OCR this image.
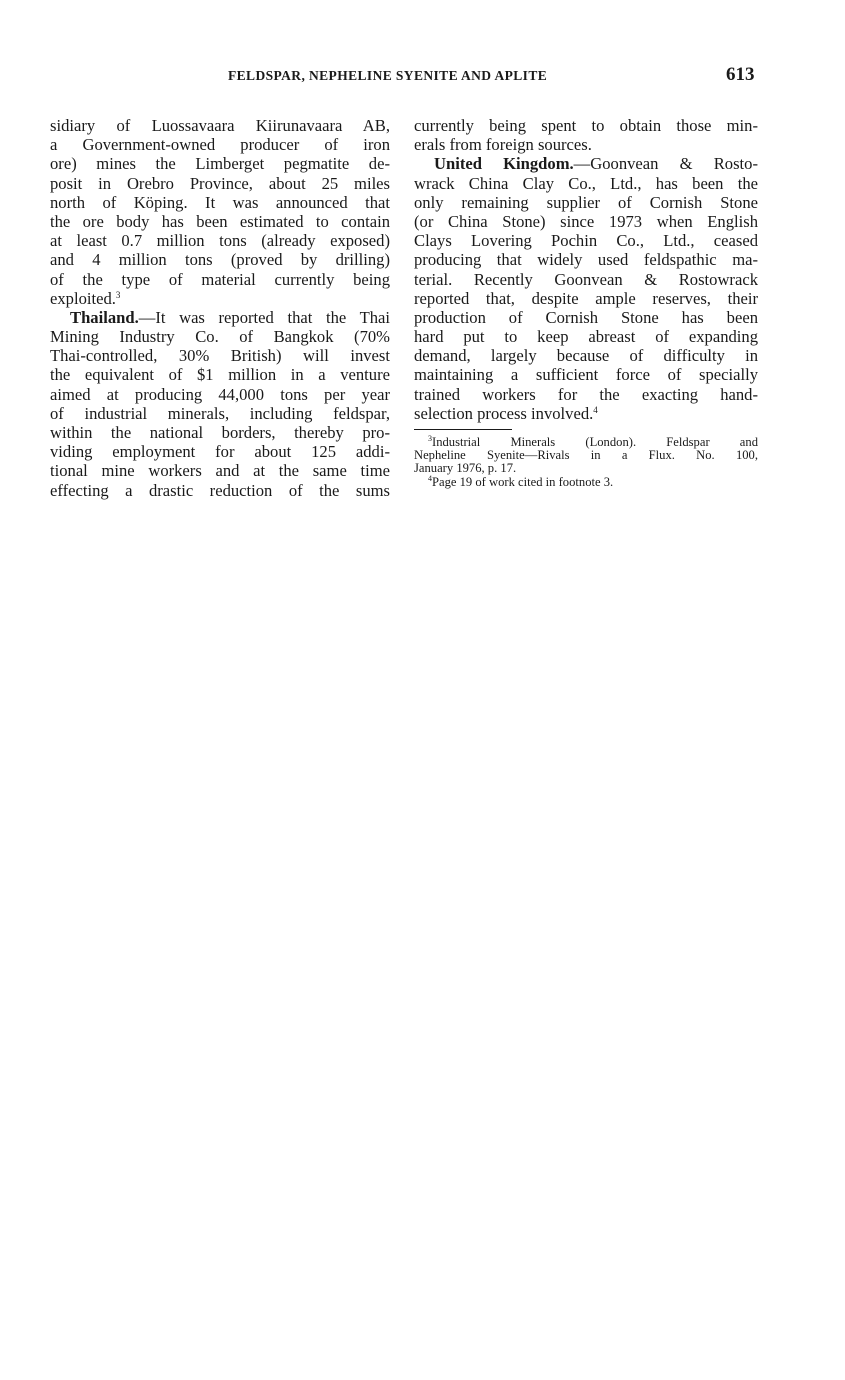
FELDSPAR, NEPHELINE SYENITE AND APLITE	613
sidiary of Luossavaara Kiirunavaara AB,
a Government-owned producer of iron
ore) mines the Limberget pegmatite de-
posit in Orebro Province, about 25 miles
north of Köping. It was announced that
the ore body has been estimated to contain
at least 0.7 million tons (already exposed)
and 4 million tons (proved by drilling)
of the type of material currently being
exploited.$^3$
Thailand.—It was reported that the Thai
Mining Industry Co. of Bangkok (70%
Thai-controlled, 30% British) will invest
the equivalent of $1 million in a venture
aimed at producing 44,000 tons per year
of industrial minerals, including feldspar,
within the national borders, thereby pro-
viding employment for about 125 addi-
tional mine workers and at the same time
effecting a drastic reduction of the sums
currently being spent to obtain those min-
erals from foreign sources.
United Kingdom.—Goonvean & Rosto-
wrack China Clay Co., Ltd., has been the
only remaining supplier of Cornish Stone
(or China Stone) since 1973 when English
Clays Lovering Pochin Co., Ltd., ceased
producing that widely used feldspathic ma-
terial. Recently Goonvean & Rostowrack
reported that, despite ample reserves, their
production of Cornish Stone has been
hard put to keep abreast of expanding
demand, largely because of difficulty in
maintaining a sufficient force of specially
trained workers for the exacting hand-
selection process involved.$^4$
$^3$Industrial Minerals (London). Feldspar and
Nepheline Syenite—Rivals in a Flux. No. 100,
January 1976, p. 17.
$^4$Page 19 of work cited in footnote 3.
